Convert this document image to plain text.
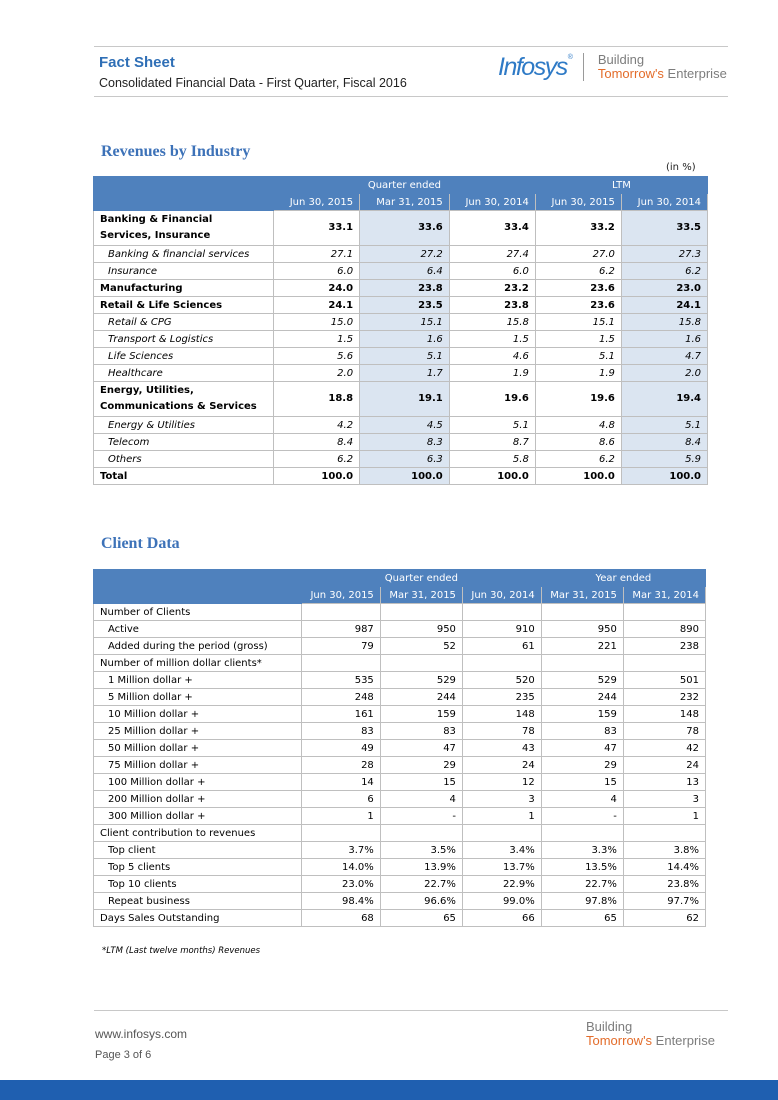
Fact Sheet
Consolidated Financial Data - First Quarter, Fiscal 2016
Infosys ® Building
Tomorrow's Enterprise
Revenues by Industry
(in %)
	Quarter ended			LTM	
	Jun 30, 2015	Mar 31, 2015	Jun 30, 2014	Jun 30, 2015	Jun 30, 2014
Banking & Financial Services, Insurance	33.1	33.6	33.4	33.2	33.5
Banking & financial services	27.1	27.2	27.4	27.0	27.3
Insurance	6.0	6.4	6.0	6.2	6.2
Manufacturing	24.0	23.8	23.2	23.6	23.0
Retail & Life Sciences	24.1	23.5	23.8	23.6	24.1
Retail & CPG	15.0	15.1	15.8	15.1	15.8
Transport & Logistics	1.5	1.6	1.5	1.5	1.6
Life Sciences	5.6	5.1	4.6	5.1	4.7
Healthcare	2.0	1.7	1.9	1.9	2.0
Energy, Utilities, Communications & Services	18.8	19.1	19.6	19.6	19.4
Energy & Utilities	4.2	4.5	5.1	4.8	5.1
Telecom	8.4	8.3	8.7	8.6	8.4
Others	6.2	6.3	5.8	6.2	5.9
Total	100.0	100.0	100.0	100.0	100.0
Client Data
	Quarter ended			Year ended	
	Jun 30, 2015	Mar 31, 2015	Jun 30, 2014	Mar 31, 2015	Mar 31, 2014
Number of Clients					
Active	987	950	910	950	890
Added during the period (gross)	79	52	61	221	238
Number of million dollar clients*					
1 Million dollar +	535	529	520	529	501
5 Million dollar +	248	244	235	244	232
10 Million dollar +	161	159	148	159	148
25 Million dollar +	83	83	78	83	78
50 Million dollar +	49	47	43	47	42
75 Million dollar +	28	29	24	29	24
100 Million dollar +	14	15	12	15	13
200 Million dollar +	6	4	3	4	3
300 Million dollar +	1	-	1	-	1
Client contribution to revenues					
Top client	3.7%	3.5%	3.4%	3.3%	3.8%
Top 5 clients	14.0%	13.9%	13.7%	13.5%	14.4%
Top 10 clients	23.0%	22.7%	22.9%	22.7%	23.8%
Repeat business	98.4%	96.6%	99.0%	97.8%	97.7%
Days Sales Outstanding	68	65	66	65	62
*LTM (Last twelve months) Revenues
www.infosys.com
Page 3 of 6
Building
Tomorrow's Enterprise
